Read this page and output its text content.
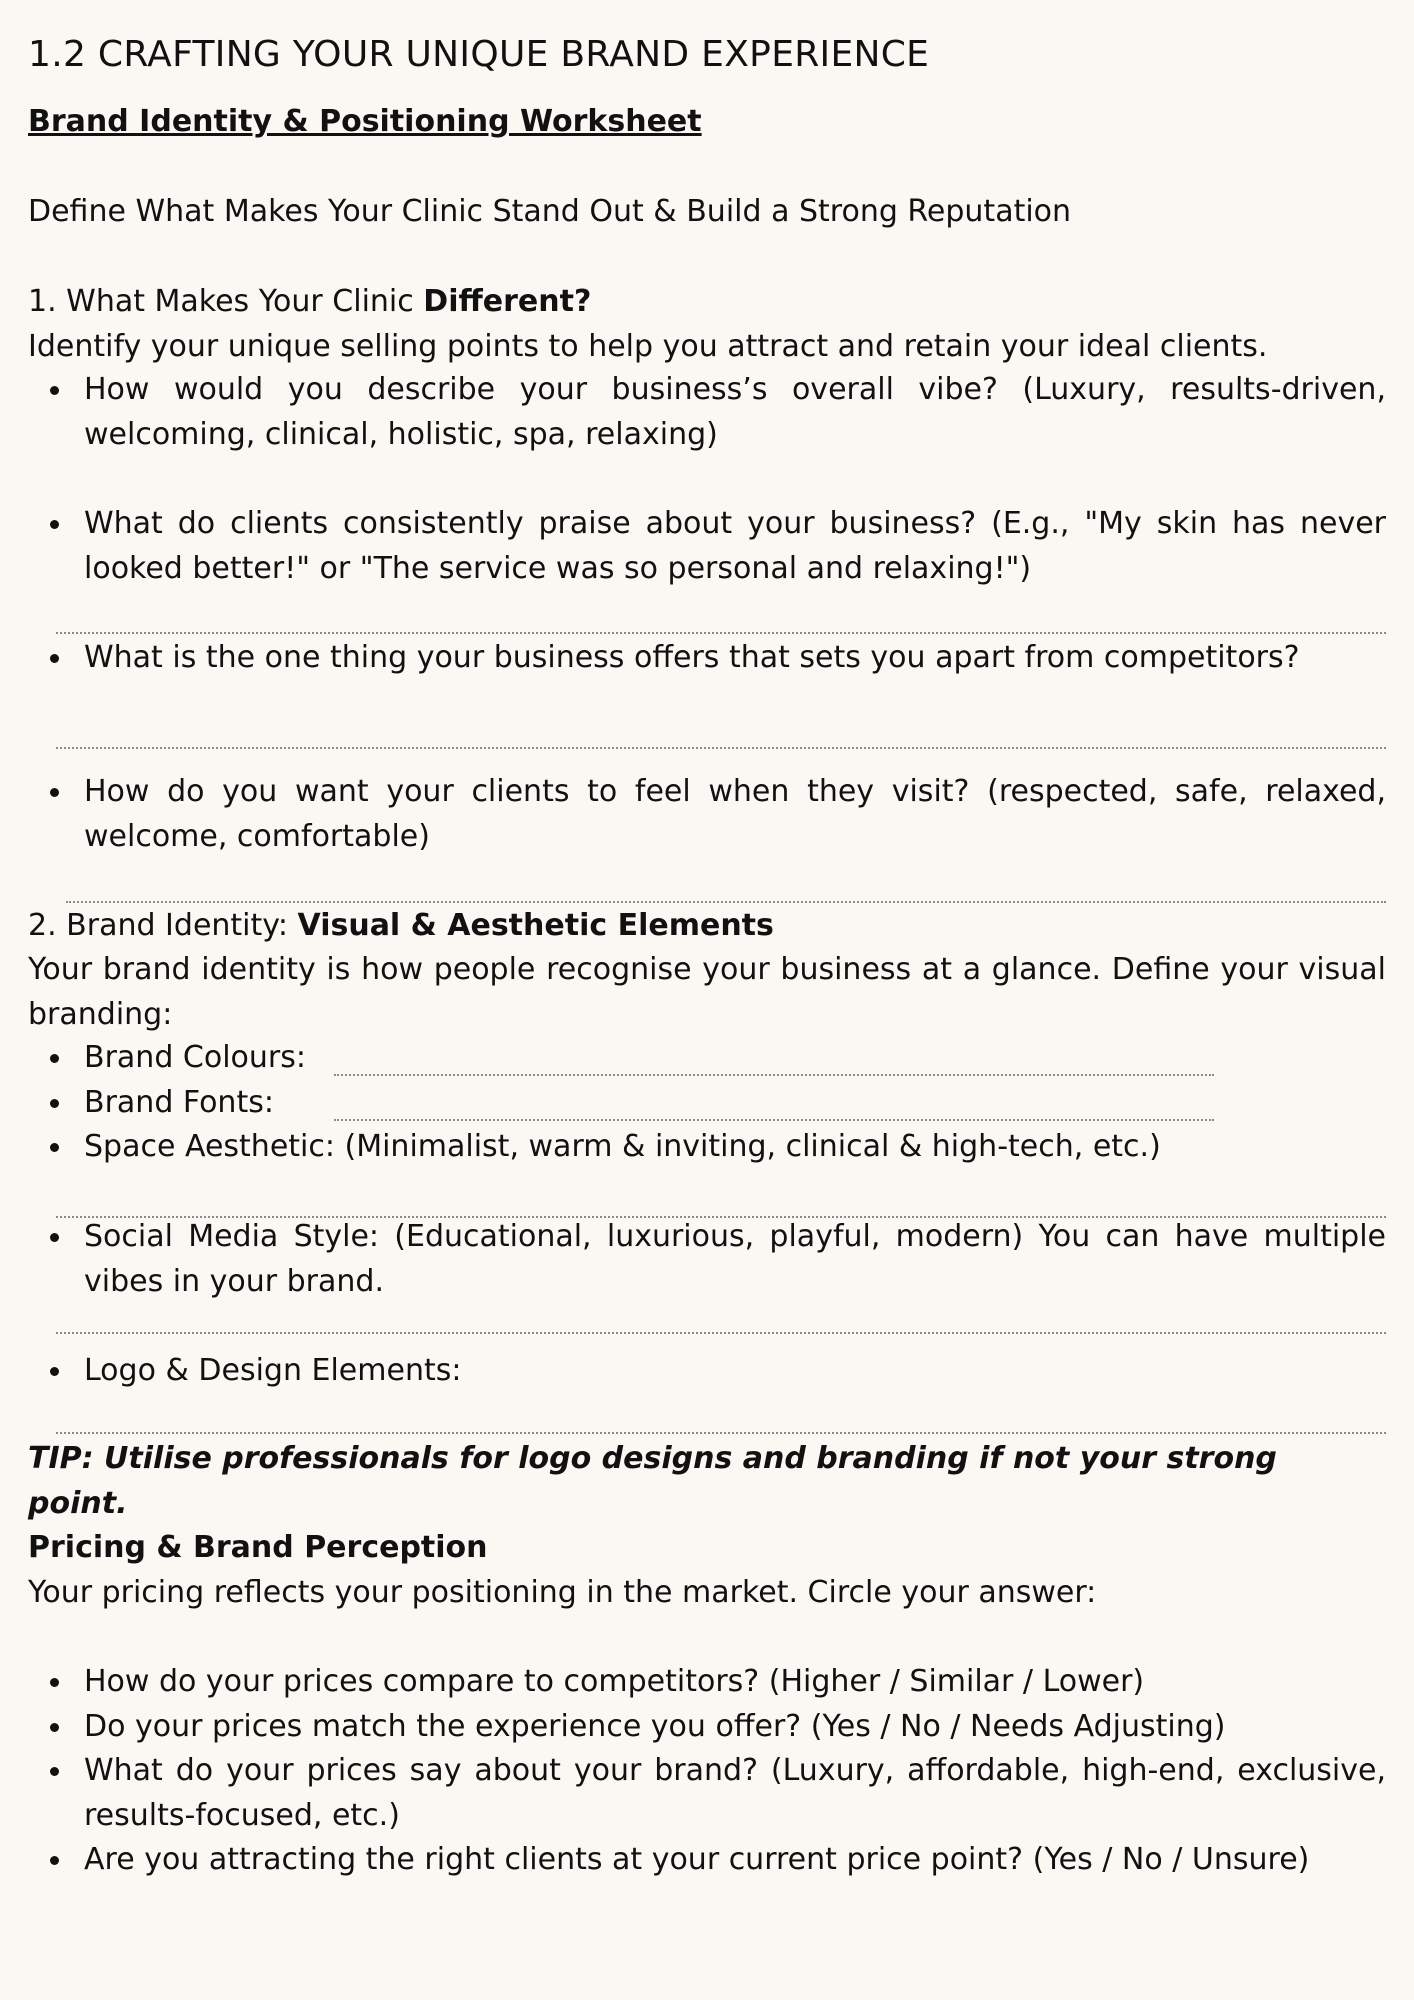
1.2 CRAFTING YOUR UNIQUE BRAND EXPERIENCE
Brand Identity & Positioning Worksheet

Define What Makes Your Clinic Stand Out & Build a Strong Reputation

1. What Makes Your Clinic Different?

Identify your unique selling points to help you attract and retain your ideal clients.

How would you describe your business’s overall vibe? (Luxury, results-driven, welcoming, clinical, holistic, spa, relaxing)
What do clients consistently praise about your business? (E.g., "My skin has never looked better!" or "The service was so personal and relaxing!")
What is the one thing your business offers that sets you apart from competitors?
How do you want your clients to feel when they visit? (respected, safe, relaxed, welcome, comfortable)

2. Brand Identity: Visual & Aesthetic Elements

Your brand identity is how people recognise your business at a glance. Define your visual branding:

Brand Colours:
Brand Fonts:
Space Aesthetic: (Minimalist, warm & inviting, clinical & high-tech, etc.)
Social Media Style: (Educational, luxurious, playful, modern) You can have multiple vibes in your brand.
Logo & Design Elements:

TIP: Utilise professionals for logo designs and branding if not your strong point.

Pricing & Brand Perception

Your pricing reflects your positioning in the market. Circle your answer:

How do your prices compare to competitors? (Higher / Similar / Lower)
Do your prices match the experience you offer? (Yes / No / Needs Adjusting)
What do your prices say about your brand? (Luxury, affordable, high-end, exclusive, results-focused, etc.)
Are you attracting the right clients at your current price point? (Yes / No / Unsure)
